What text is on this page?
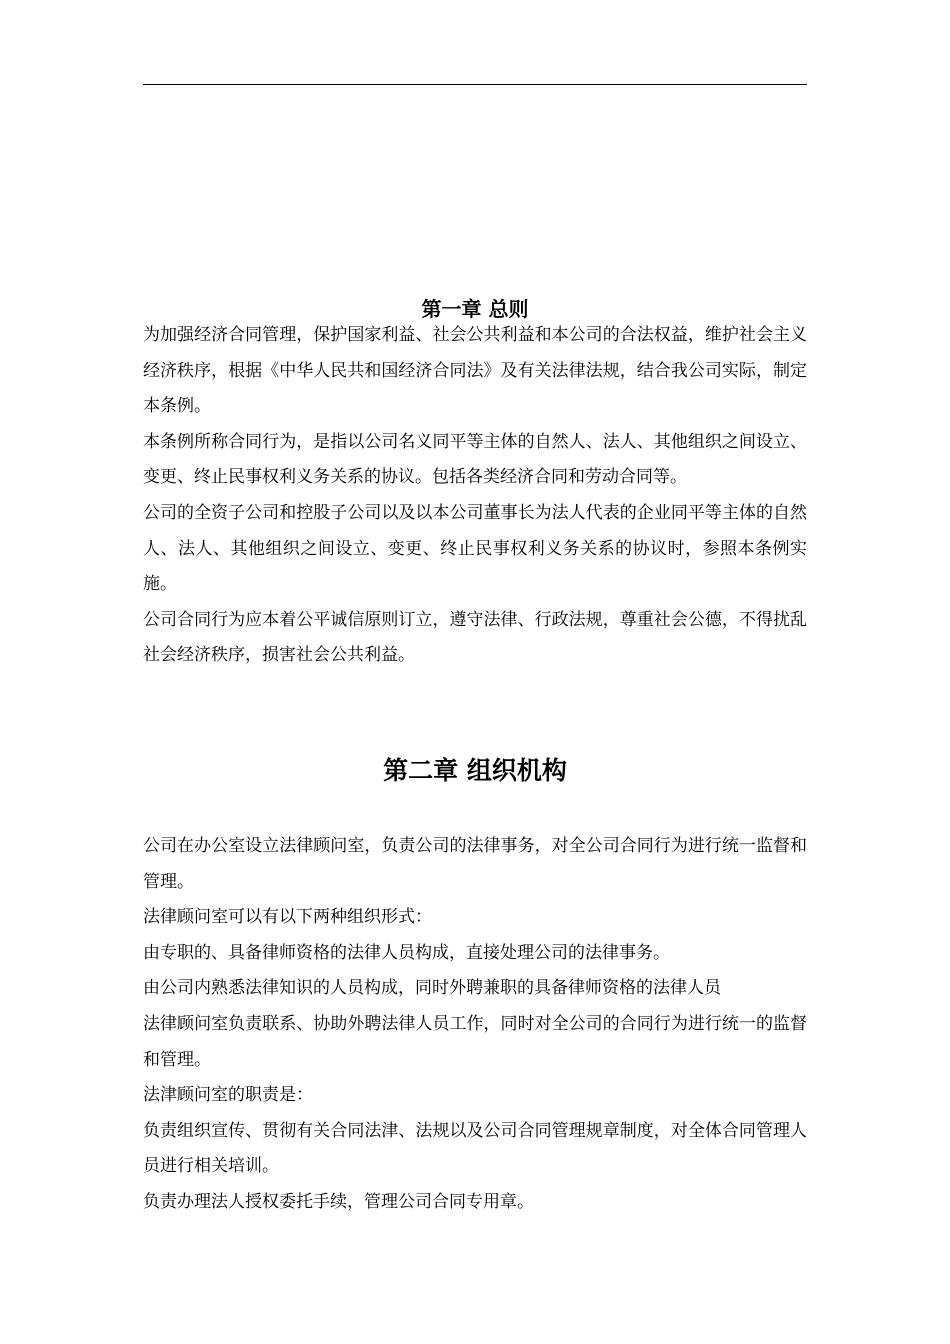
第一章 总则

为加强经济合同管理，保护国家利益、社会公共利益和本公司的合法权益，维护社会主义经济秩序，根据《中华人民共和国经济合同法》及有关法律法规，结合我公司实际，制定本条例。

本条例所称合同行为，是指以公司名义同平等主体的自然人、法人、其他组织之间设立、变更、终止民事权利义务关系的协议。包括各类经济合同和劳动合同等。

公司的全资子公司和控股子公司以及以本公司董事长为法人代表的企业同平等主体的自然人、法人、其他组织之间设立、变更、终止民事权利义务关系的协议时，参照本条例实施。

公司合同行为应本着公平诚信原则订立，遵守法律、行政法规，尊重社会公德，不得扰乱社会经济秩序，损害社会公共利益。

第二章 组织机构

公司在办公室设立法律顾问室，负责公司的法律事务，对全公司合同行为进行统一监督和管理。

法律顾问室可以有以下两种组织形式：

由专职的、具备律师资格的法律人员构成，直接处理公司的法律事务。

由公司内熟悉法律知识的人员构成，同时外聘兼职的具备律师资格的法律人员

法律顾问室负责联系、协助外聘法律人员工作，同时对全公司的合同行为进行统一的监督和管理。

法津顾问室的职责是：

负责组织宣传、贯彻有关合同法津、法规以及公司合同管理规章制度，对全体合同管理人员进行相关培训。

负责办理法人授权委托手续，管理公司合同专用章。
